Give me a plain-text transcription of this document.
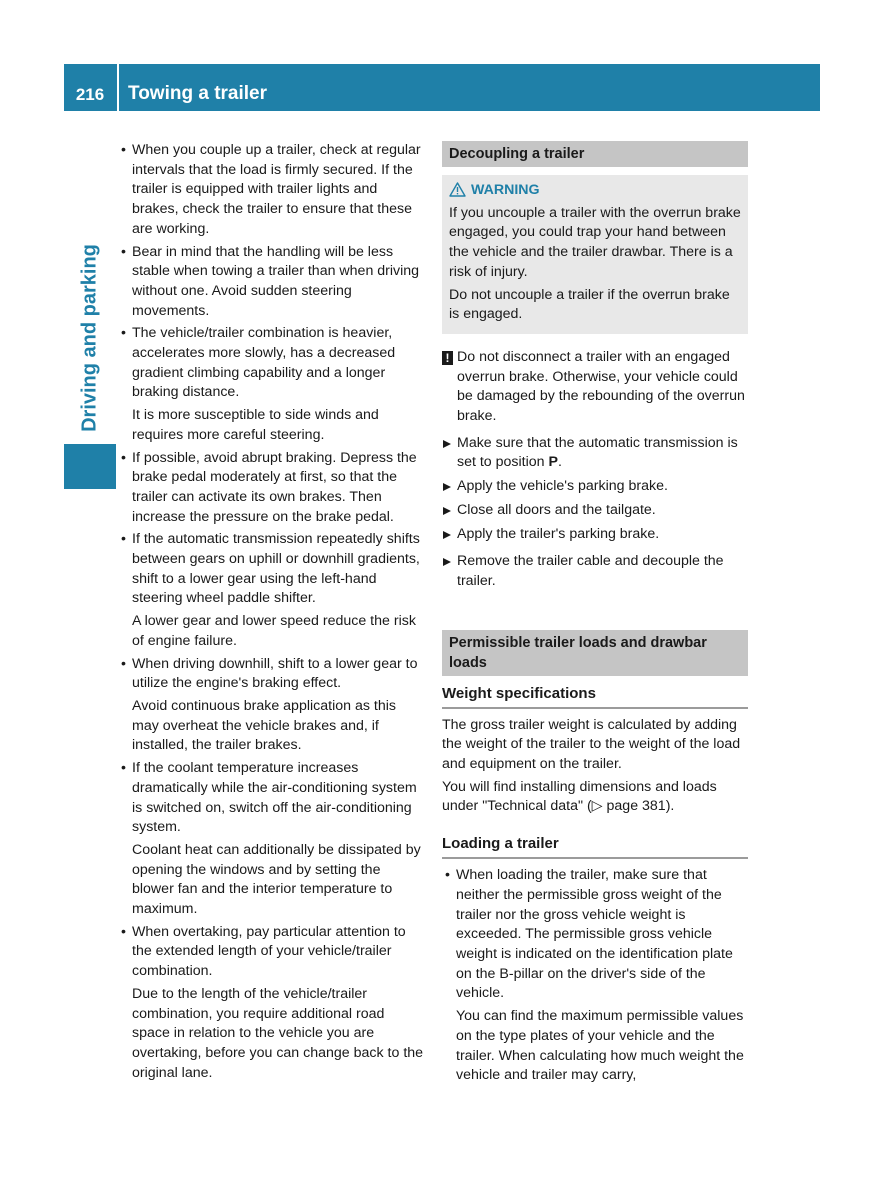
216	Towing a trailer
Driving and parking
• When you couple up a trailer, check at regular intervals that the load is firmly secured. If the trailer is equipped with trailer lights and brakes, check the trailer to ensure that these are working.
• Bear in mind that the handling will be less stable when towing a trailer than when driving without one. Avoid sudden steering movements.
• The vehicle/trailer combination is heavier, accelerates more slowly, has a decreased gradient climbing capability and a longer braking distance.
It is more susceptible to side winds and requires more careful steering.
• If possible, avoid abrupt braking. Depress the brake pedal moderately at first, so that the trailer can activate its own brakes. Then increase the pressure on the brake pedal.
• If the automatic transmission repeatedly shifts between gears on uphill or downhill gradients, shift to a lower gear using the left-hand steering wheel paddle shifter.
A lower gear and lower speed reduce the risk of engine failure.
• When driving downhill, shift to a lower gear to utilize the engine's braking effect.
Avoid continuous brake application as this may overheat the vehicle brakes and, if installed, the trailer brakes.
• If the coolant temperature increases dramatically while the air-conditioning system is switched on, switch off the air-conditioning system.
Coolant heat can additionally be dissipated by opening the windows and by setting the blower fan and the interior temperature to maximum.
• When overtaking, pay particular attention to the extended length of your vehicle/trailer combination.
Due to the length of the vehicle/trailer combination, you require additional road space in relation to the vehicle you are overtaking, before you can change back to the original lane.
Decoupling a trailer
WARNING

If you uncouple a trailer with the overrun brake engaged, you could trap your hand between the vehicle and the trailer drawbar. There is a risk of injury.

Do not uncouple a trailer if the overrun brake is engaged.

! Do not disconnect a trailer with an engaged overrun brake. Otherwise, your vehicle could be damaged by the rebounding of the overrun brake.
Make sure that the automatic transmission is set to position P.
Apply the vehicle's parking brake.
Close all doors and the tailgate.
Apply the trailer's parking brake.
Remove the trailer cable and decouple the trailer.
Permissible trailer loads and drawbar loads
Weight specifications
The gross trailer weight is calculated by adding the weight of the trailer to the weight of the load and equipment on the trailer.
You will find installing dimensions and loads under "Technical data" (▷ page 381).
Loading a trailer
• When loading the trailer, make sure that neither the permissible gross weight of the trailer nor the gross vehicle weight is exceeded. The permissible gross vehicle weight is indicated on the identification plate on the B-pillar on the driver's side of the vehicle.
You can find the maximum permissible values on the type plates of your vehicle and the trailer. When calculating how much weight the vehicle and trailer may carry,
